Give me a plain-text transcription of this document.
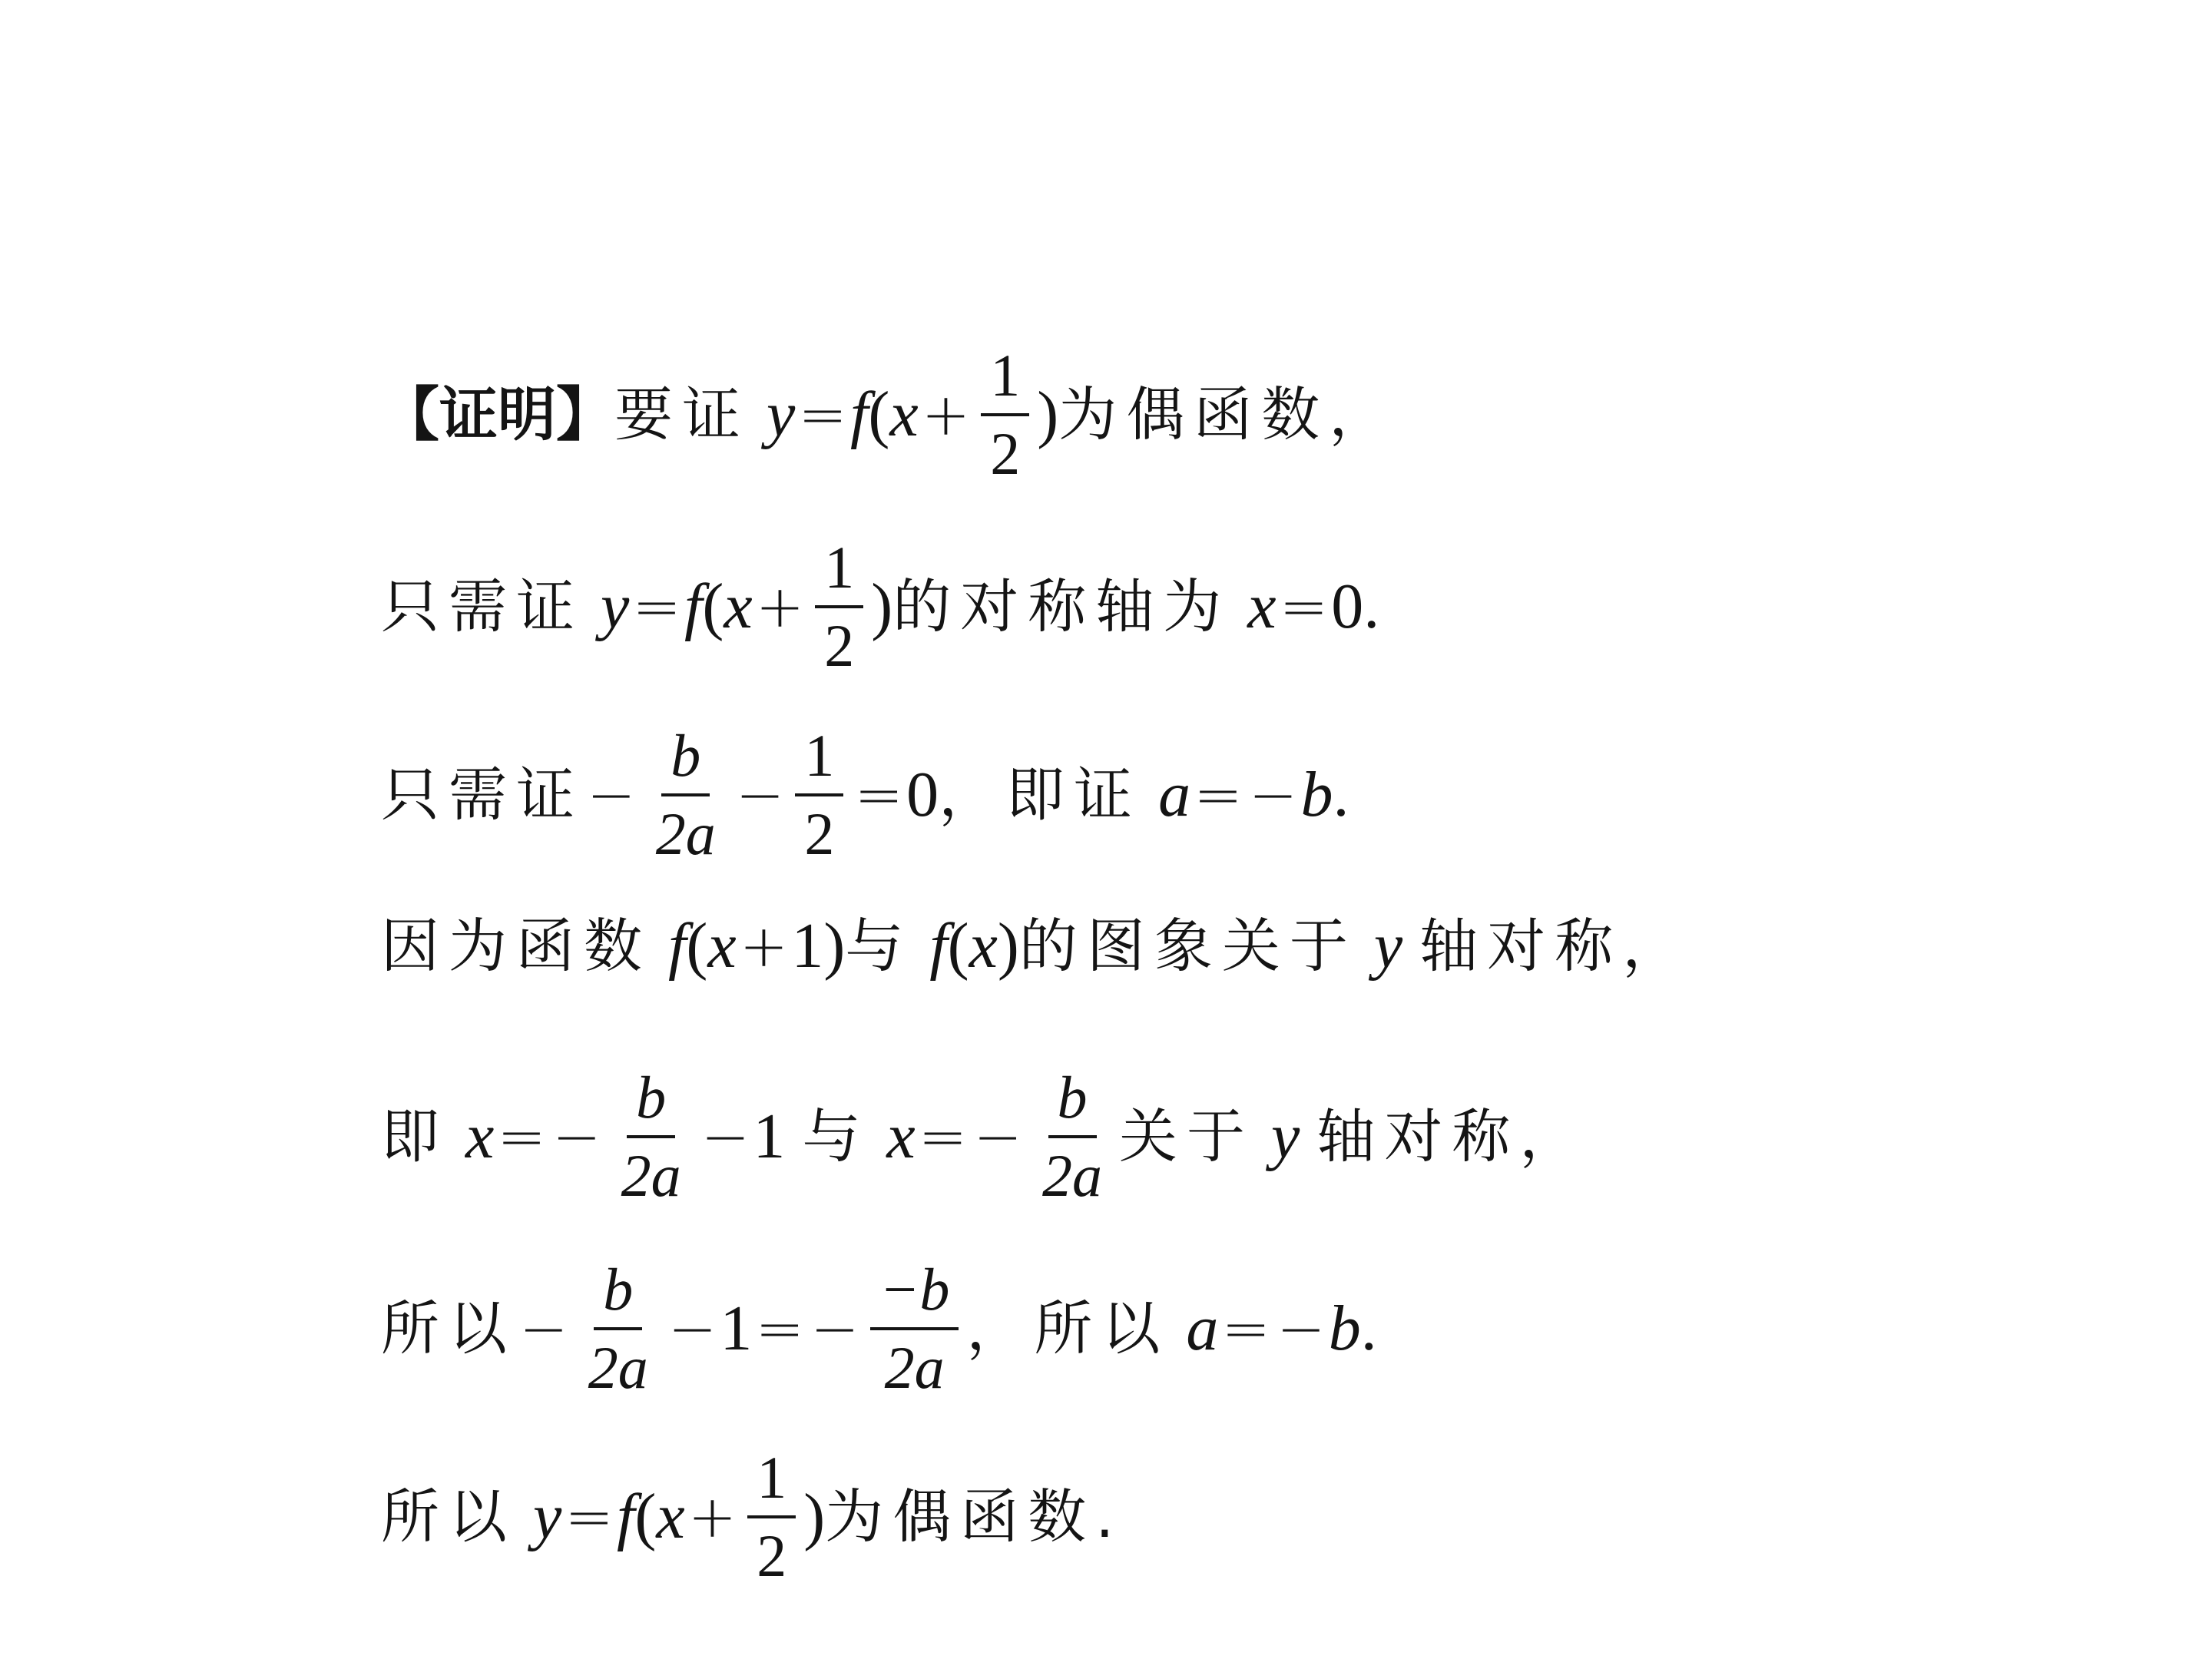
【 证明 】 要证 y = f ( $x + \frac{1}{2}$ ) 为偶函数，
只需证 y = f ( $x + \frac{1}{2}$ ) 的对称轴为 x = 0 .
只需证 − $\frac{b}{2a} - \frac{1}{2} = 0$ ，即证 a = − b .
因为函数 f ( x + 1 ) 与 f ( x ) 的图象关于 y 轴对称，
即 x = − $\frac{b}{2a} - 1$ 与 x = − $\frac{b}{2a}$ 关于 y 轴对称，
所以 − $\frac{b}{2a} - 1$ = − $\frac{-b}{2a}$ ，所以 a = − b .
所以 y = f ( $x + \frac{1}{2}$ ) 为偶函数.
